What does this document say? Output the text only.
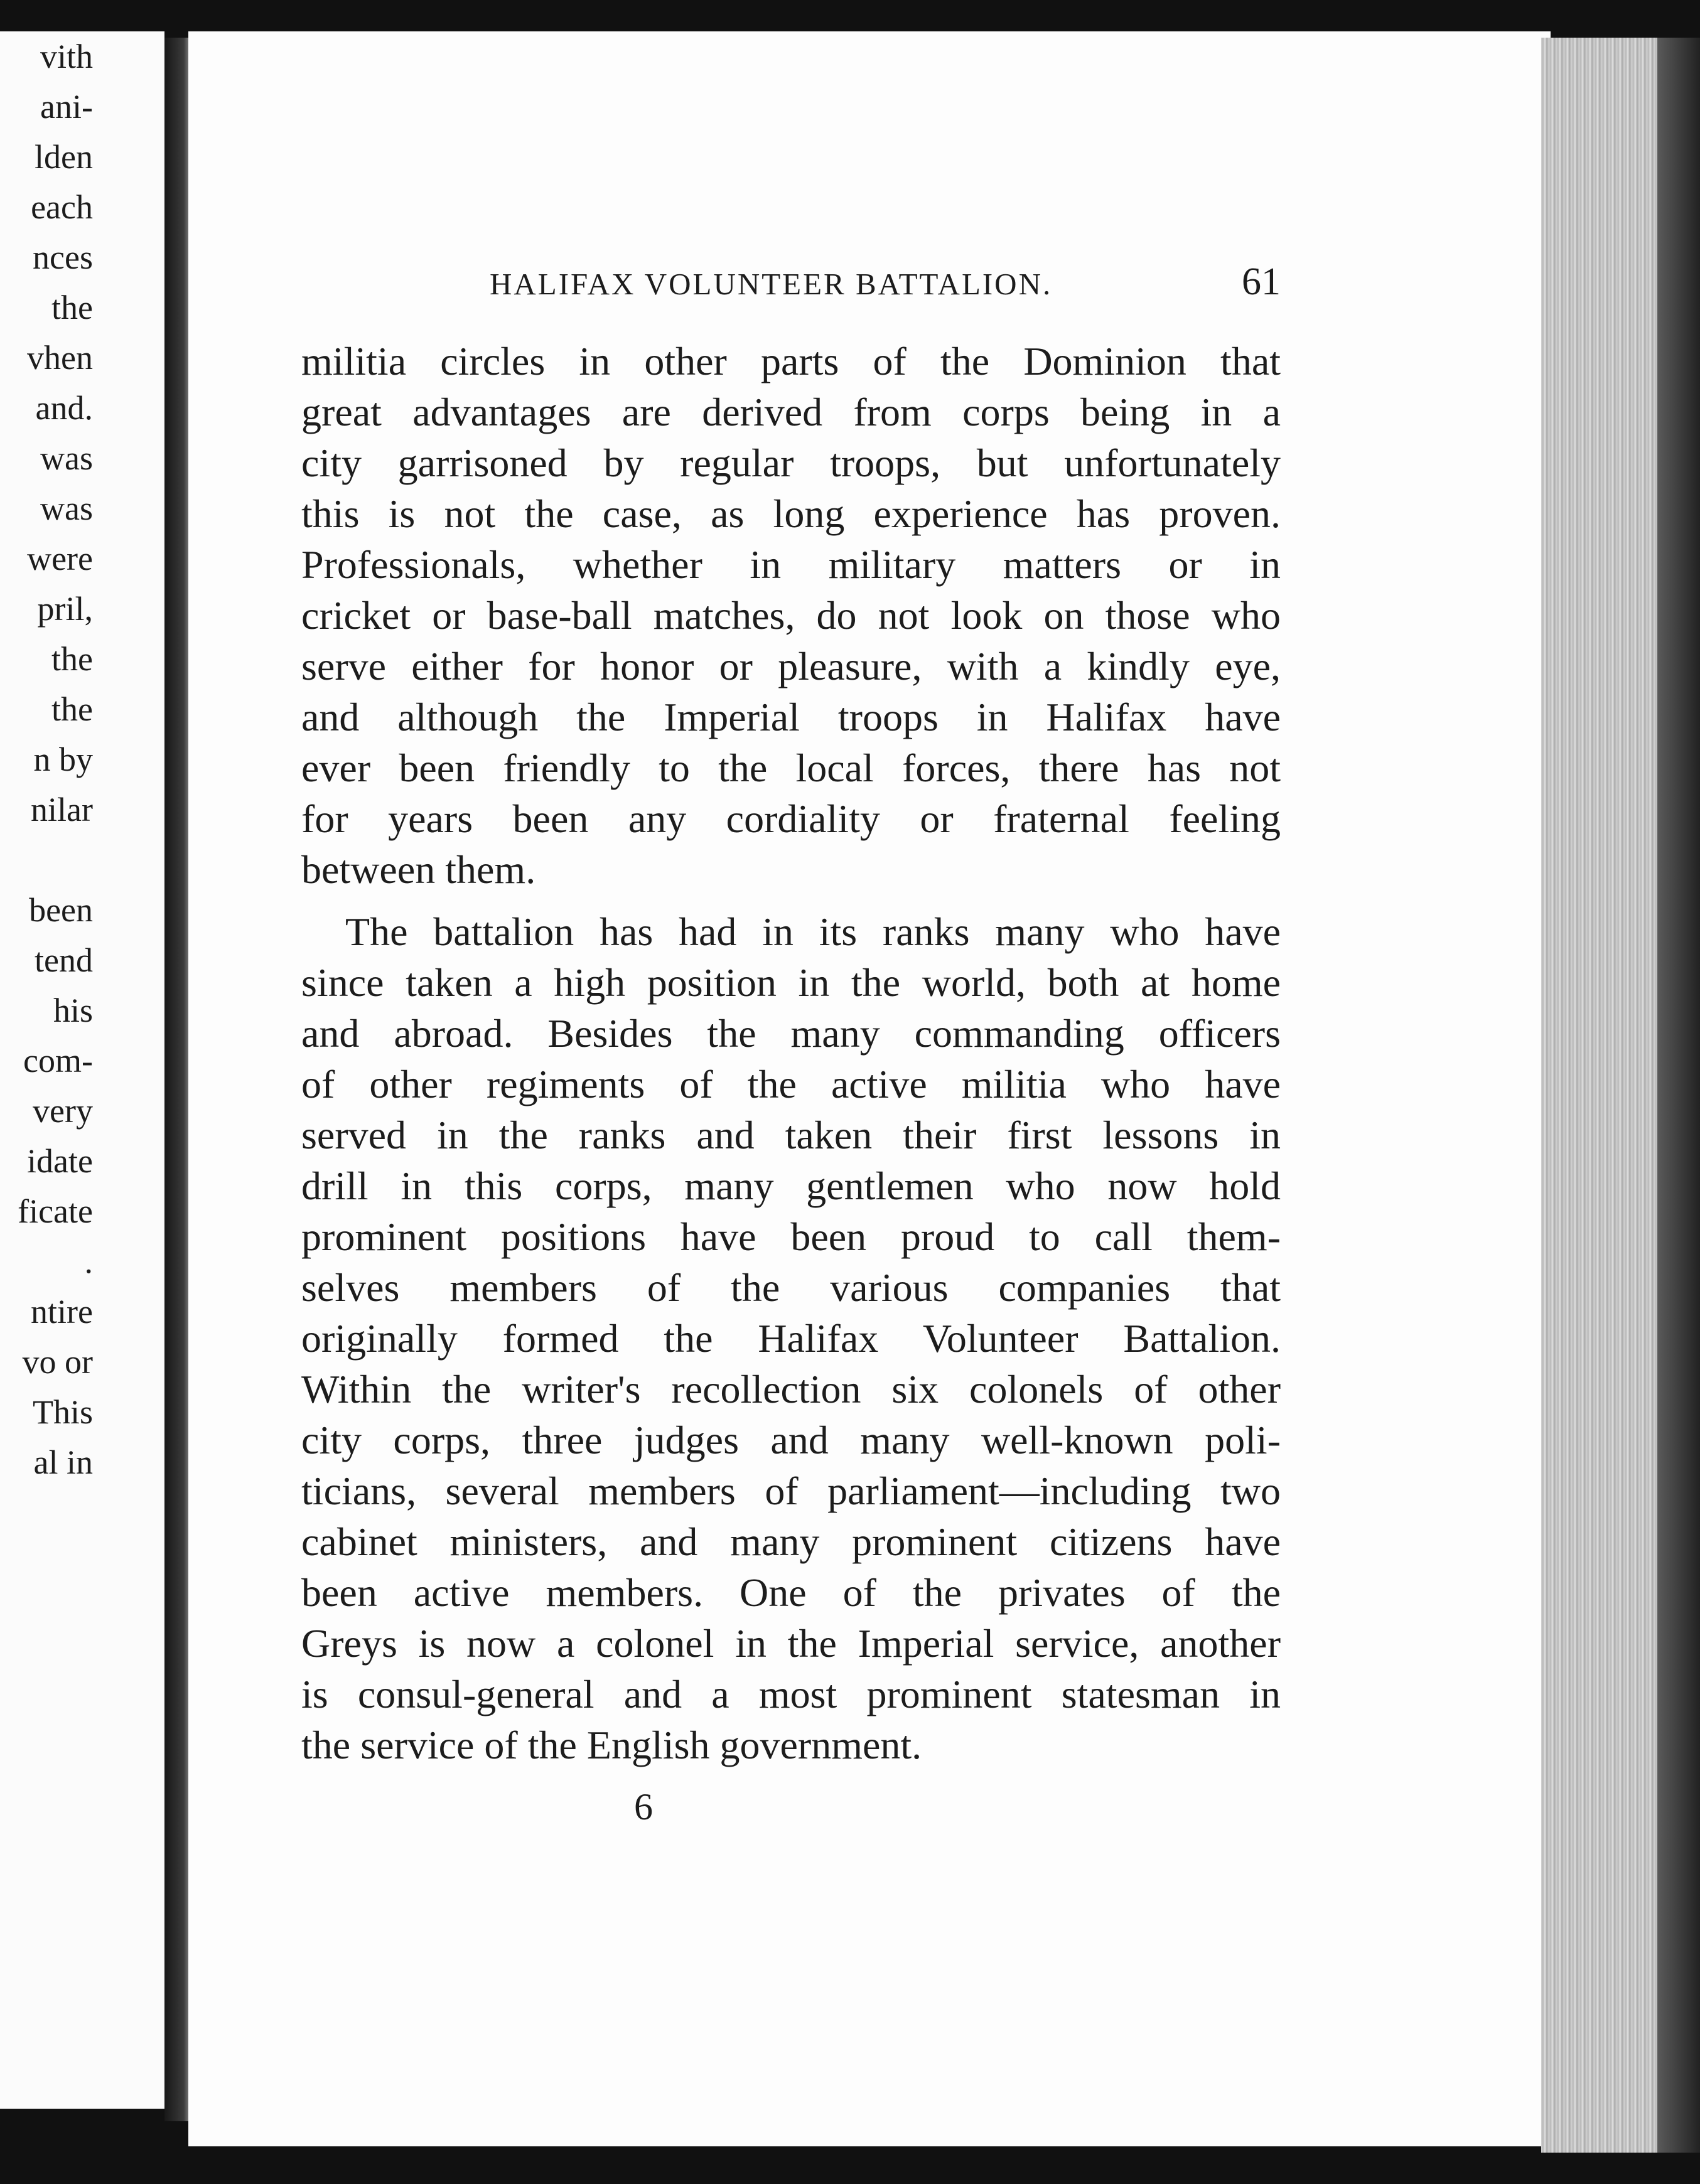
vith
ani-
lden
each
nces
the
vhen
and.
was
was
were
pril,
the
the
n by
nilar
been
tend
his
com-
very
idate
ficate
.
ntire
vo or
This
al in
HALIFAX VOLUNTEER BATTALION.	61
militia circles in other parts of the Dominion that
great advantages are derived from corps being in a
city garrisoned by regular troops, but unfortunately
this is not the case, as long experience has proven.
Professionals, whether in military matters or in
cricket or base-ball matches, do not look on those who
serve either for honor or pleasure, with a kindly eye,
and although the Imperial troops in Halifax have
ever been friendly to the local forces, there has not
for years been any cordiality or fraternal feeling
between them.
The battalion has had in its ranks many who have
since taken a high position in the world, both at home
and abroad. Besides the many commanding officers
of other regiments of the active militia who have
served in the ranks and taken their first lessons in
drill in this corps, many gentlemen who now hold
prominent positions have been proud to call them-
selves members of the various companies that
originally formed the Halifax Volunteer Battalion.
Within the writer's recollection six colonels of other
city corps, three judges and many well-known poli-
ticians, several members of parliament—including two
cabinet ministers, and many prominent citizens have
been active members. One of the privates of the
Greys is now a colonel in the Imperial service, another
is consul-general and a most prominent statesman in
the service of the English government.
6
